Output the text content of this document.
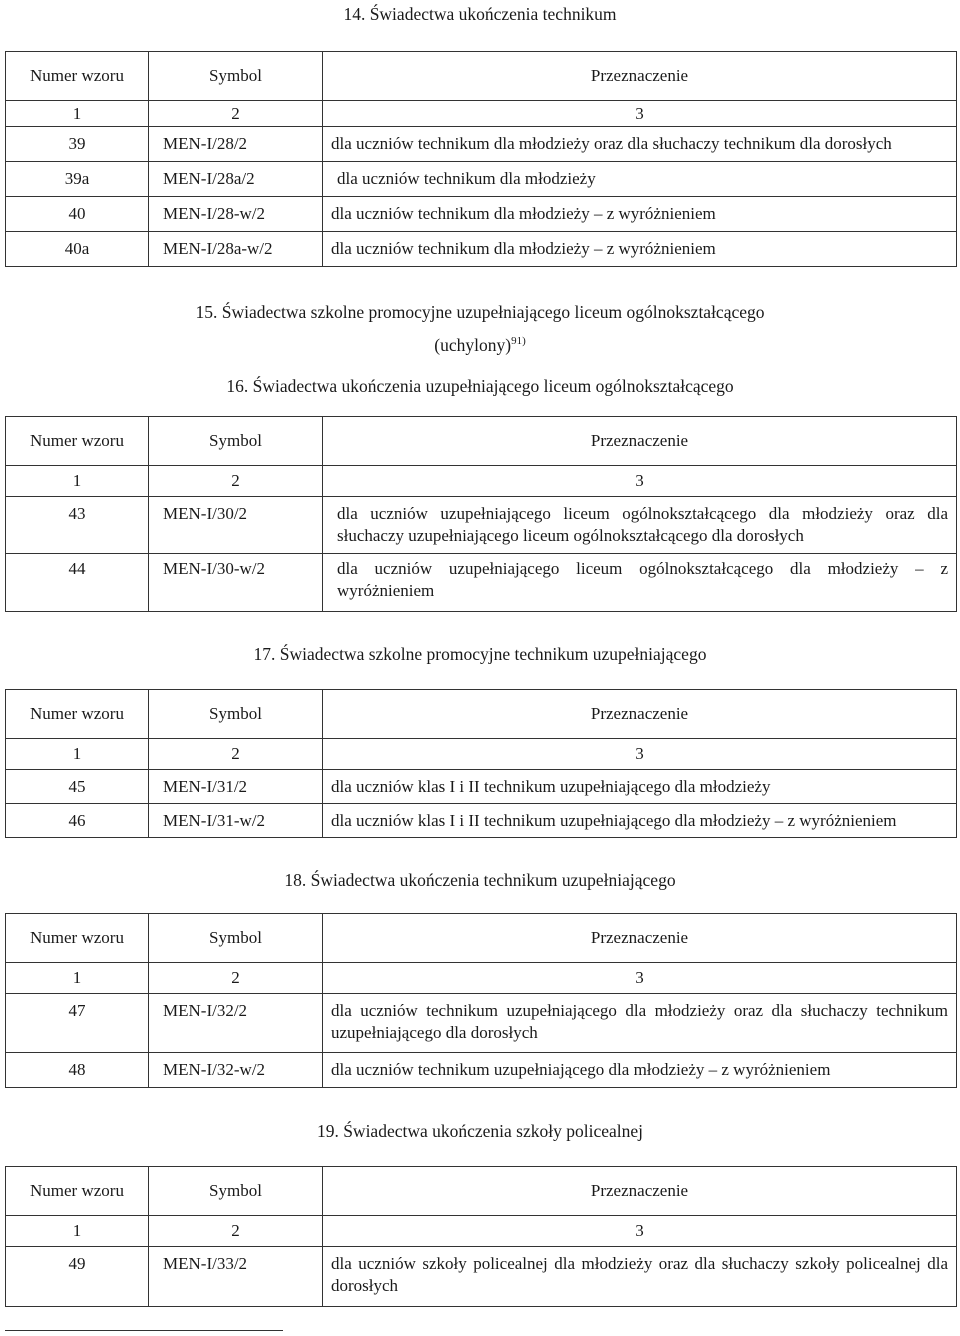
14. Świadectwa ukończenia technikum
Numer wzoru	Symbol	Przeznaczenie
1	2	3
39	MEN-I/28/2	dla uczniów technikum dla młodzieży oraz dla słuchaczy technikum dla dorosłych
39a	MEN-I/28a/2	dla uczniów technikum dla młodzieży
40	MEN-I/28-w/2	dla uczniów technikum dla młodzieży – z wyróżnieniem
40a	MEN-I/28a-w/2	dla uczniów technikum dla młodzieży – z wyróżnieniem
15. Świadectwa szkolne promocyjne uzupełniającego liceum ogólnokształcącego
(uchylony)$^{91)}$
16. Świadectwa ukończenia uzupełniającego liceum ogólnokształcącego
Numer wzoru	Symbol	Przeznaczenie
1	2	3
43	MEN-I/30/2	dla uczniów uzupełniającego liceum ogólnokształcącego dla młodzieży oraz dla słuchaczy uzupełniającego liceum ogólnokształcącego dla dorosłych
44	MEN-I/30-w/2	dla uczniów uzupełniającego liceum ogólnokształcącego dla młodzieży – z wyróżnieniem
17. Świadectwa szkolne promocyjne technikum uzupełniającego
Numer wzoru	Symbol	Przeznaczenie
1	2	3
45	MEN-I/31/2	dla uczniów klas I i II technikum uzupełniającego dla młodzieży
46	MEN-I/31-w/2	dla uczniów klas I i II technikum uzupełniającego dla młodzieży – z wyróżnieniem
18. Świadectwa ukończenia technikum uzupełniającego
Numer wzoru	Symbol	Przeznaczenie
1	2	3
47	MEN-I/32/2	dla uczniów technikum uzupełniającego dla młodzieży oraz dla słuchaczy technikum uzupełniającego dla dorosłych
48	MEN-I/32-w/2	dla uczniów technikum uzupełniającego dla młodzieży – z wyróżnieniem
19. Świadectwa ukończenia szkoły policealnej
Numer wzoru	Symbol	Przeznaczenie
1	2	3
49	MEN-I/33/2	dla uczniów szkoły policealnej dla młodzieży oraz dla słuchaczy szkoły policealnej dla dorosłych
